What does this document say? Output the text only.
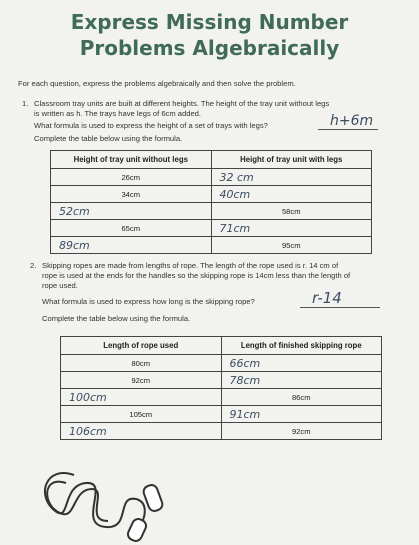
Express Missing Number
Problems Algebraically
For each question, express the problems algebraically and then solve the problem.
1. Classroom tray units are built at different heights. The height of the tray unit without legs
is written as h. The trays have legs of 6cm added.
What formula is used to express the height of a set of trays with legs?	h+6m
Complete the table below using the formula.
Height of tray unit without legs	Height of tray unit with legs
26cm	32 cm
34cm	40cm
52cm	58cm
65cm	71cm
89cm	95cm
2. Skipping ropes are made from lengths of rope. The length of the rope used is r. 14 cm of
rope is used at the ends for the handles so the skipping rope is 14cm less than the length of
rope used.
What formula is used to express how long is the skipping rope?	r-14
Complete the table below using the formula.
Length of rope used	Length of finished skipping rope
80cm	66cm
92cm	78cm
100cm	86cm
105cm	91cm
106cm	92cm
